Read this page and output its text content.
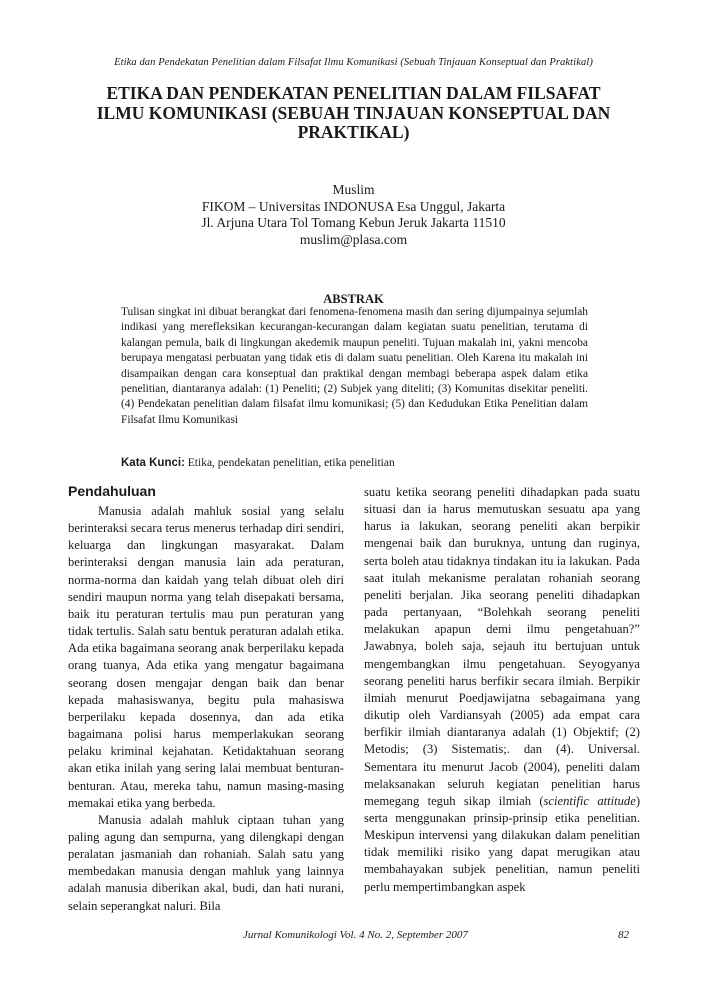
Etika dan Pendekatan Penelitian dalam Filsafat Ilmu Komunikasi (Sebuah Tinjauan Konseptual dan Praktikal)
ETIKA DAN PENDEKATAN PENELITIAN DALAM FILSAFAT ILMU KOMUNIKASI (SEBUAH TINJAUAN KONSEPTUAL DAN PRAKTIKAL)
Muslim
FIKOM – Universitas INDONUSA Esa Unggul, Jakarta
Jl. Arjuna Utara Tol Tomang Kebun Jeruk Jakarta 11510
muslim@plasa.com
ABSTRAK

Tulisan singkat ini dibuat berangkat dari fenomena-fenomena masih dan sering dijumpainya sejumlah indikasi yang merefleksikan kecurangan-kecurangan dalam kegiatan suatu penelitian, terutama di kalangan pemula, baik di lingkungan akedemik maupun peneliti. Tujuan makalah ini, yakni mencoba berupaya mengatasi perbuatan yang tidak etis di dalam suatu penelitian. Oleh Karena itu makalah ini disampaikan dengan cara konseptual dan praktikal dengan membagi beberapa aspek dalam etika penelitian, diantaranya adalah: (1) Peneliti; (2) Subjek yang diteliti; (3) Komunitas disekitar peneliti. (4) Pendekatan penelitian dalam filsafat ilmu komunikasi; (5) dan Kedudukan Etika Penelitian dalam Filsafat Ilmu Komunikasi

Kata Kunci: Etika, pendekatan penelitian, etika penelitian
Pendahuluan

Manusia adalah mahluk sosial yang selalu berinteraksi secara terus menerus terhadap diri sendiri, keluarga dan lingkungan masyarakat. Dalam berinteraksi dengan manusia lain ada peraturan, norma-norma dan kaidah yang telah dibuat oleh diri sendiri maupun norma yang telah disepakati bersama, baik itu peraturan tertulis mau pun peraturan yang tidak tertulis. Salah satu bentuk peraturan adalah etika. Ada etika bagaimana seorang anak berperilaku kepada orang tuanya, Ada etika yang mengatur bagaimana seorang dosen mengajar dengan baik dan benar kepada mahasiswanya, begitu pula mahasiswa berperilaku kepada dosennya, dan ada etika bagaimana polisi harus memperlakukan seorang pelaku kriminal kejahatan. Ketidaktahuan seorang akan etika inilah yang sering lalai membuat benturan-benturan. Atau, mereka tahu, namun masing-masing memakai etika yang berbeda.

Manusia adalah mahluk ciptaan tuhan yang paling agung dan sempurna, yang dilengkapi dengan peralatan jasmaniah dan rohaniah. Salah satu yang membedakan manusia dengan mahluk yang lainnya adalah manusia diberikan akal, budi, dan hati nurani, selain seperangkat naluri. Bila

suatu ketika seorang peneliti dihadapkan pada suatu situasi dan ia harus memutuskan sesuatu apa yang harus ia lakukan, seorang peneliti akan berpikir mengenai baik dan buruknya, untung dan ruginya, serta boleh atau tidaknya tindakan itu ia lakukan. Pada saat itulah mekanisme peralatan rohaniah seorang peneliti berjalan. Jika seorang peneliti dihadapkan pada pertanyaan, “Bolehkah seorang peneliti melakukan apapun demi ilmu pengetahuan?” Jawabnya, boleh saja, sejauh itu bertujuan untuk mengembangkan ilmu pengetahuan. Seyogyanya seorang peneliti harus berfikir secara ilmiah. Berpikir ilmiah menurut Poedjawijatna sebagaimana yang dikutip oleh Vardiansyah (2005) ada empat cara berfikir ilmiah diantaranya adalah (1) Objektif; (2) Metodis; (3) Sistematis;. dan (4). Universal. Sementara itu menurut Jacob (2004), peneliti dalam melaksanakan seluruh kegiatan penelitian harus memegang teguh sikap ilmiah (scientific attitude) serta menggunakan prinsip-prinsip etika penelitian. Meskipun intervensi yang dilakukan dalam penelitian tidak memiliki risiko yang dapat merugikan atau membahayakan subjek penelitian, namun peneliti perlu mempertimbangkan aspek

Jurnal Komunikologi Vol. 4 No. 2, September 2007	82
